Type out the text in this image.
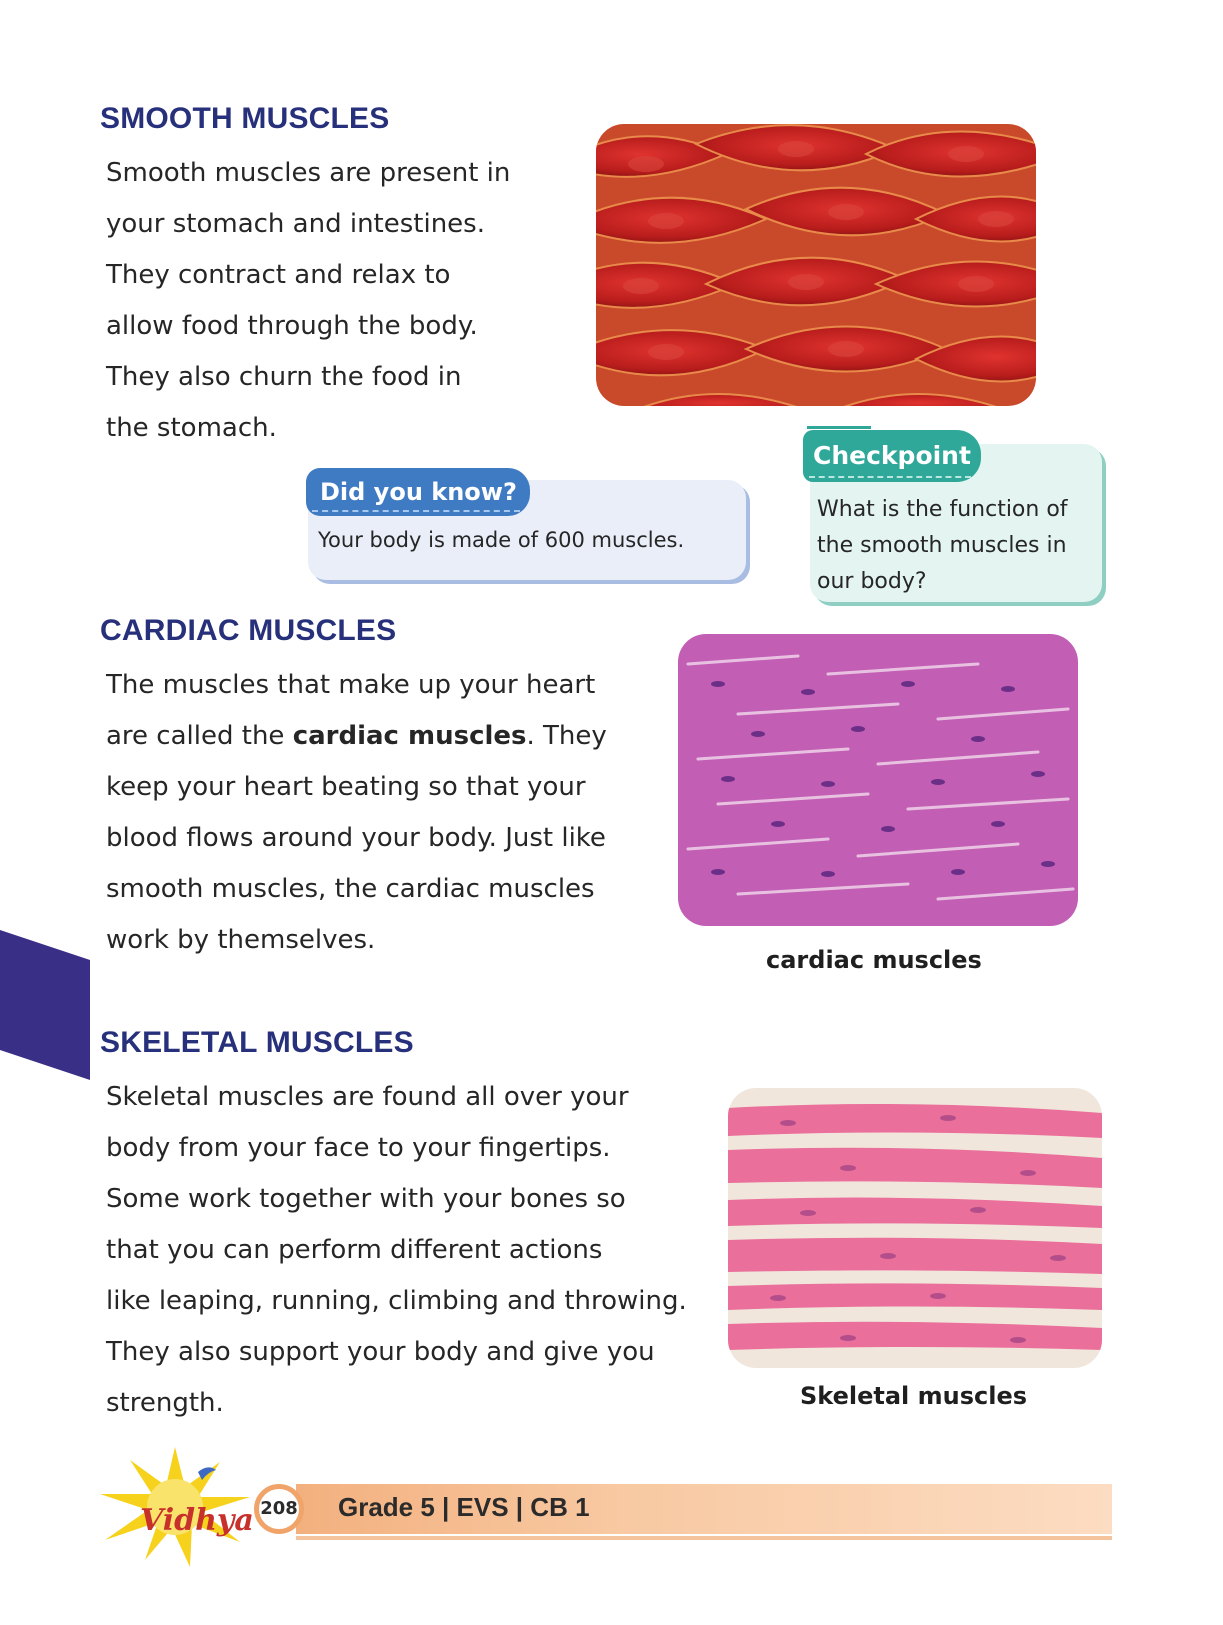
SMOOTH MUSCLES
Smooth muscles are present in
your stomach and intestines.
They contract and relax to
allow food through the body.
They also churn the food in
the stomach.
Did you know?
Your body is made of 600 muscles.
Checkpoint
What is the function of
the smooth muscles in
our body?
CARDIAC MUSCLES
The muscles that make up your heart
are called the cardiac muscles. They
keep your heart beating so that your
blood flows around your body. Just like
smooth muscles, the cardiac muscles
work by themselves.
cardiac muscles
SKELETAL MUSCLES
Skeletal muscles are found all over your
body from your face to your fingertips.
Some work together with your bones so
that you can perform different actions
like leaping, running, climbing and throwing.
They also support your body and give you
strength.	Skeletal muscles
Grade 5 | EVS | CB 1
208
Vidhya
